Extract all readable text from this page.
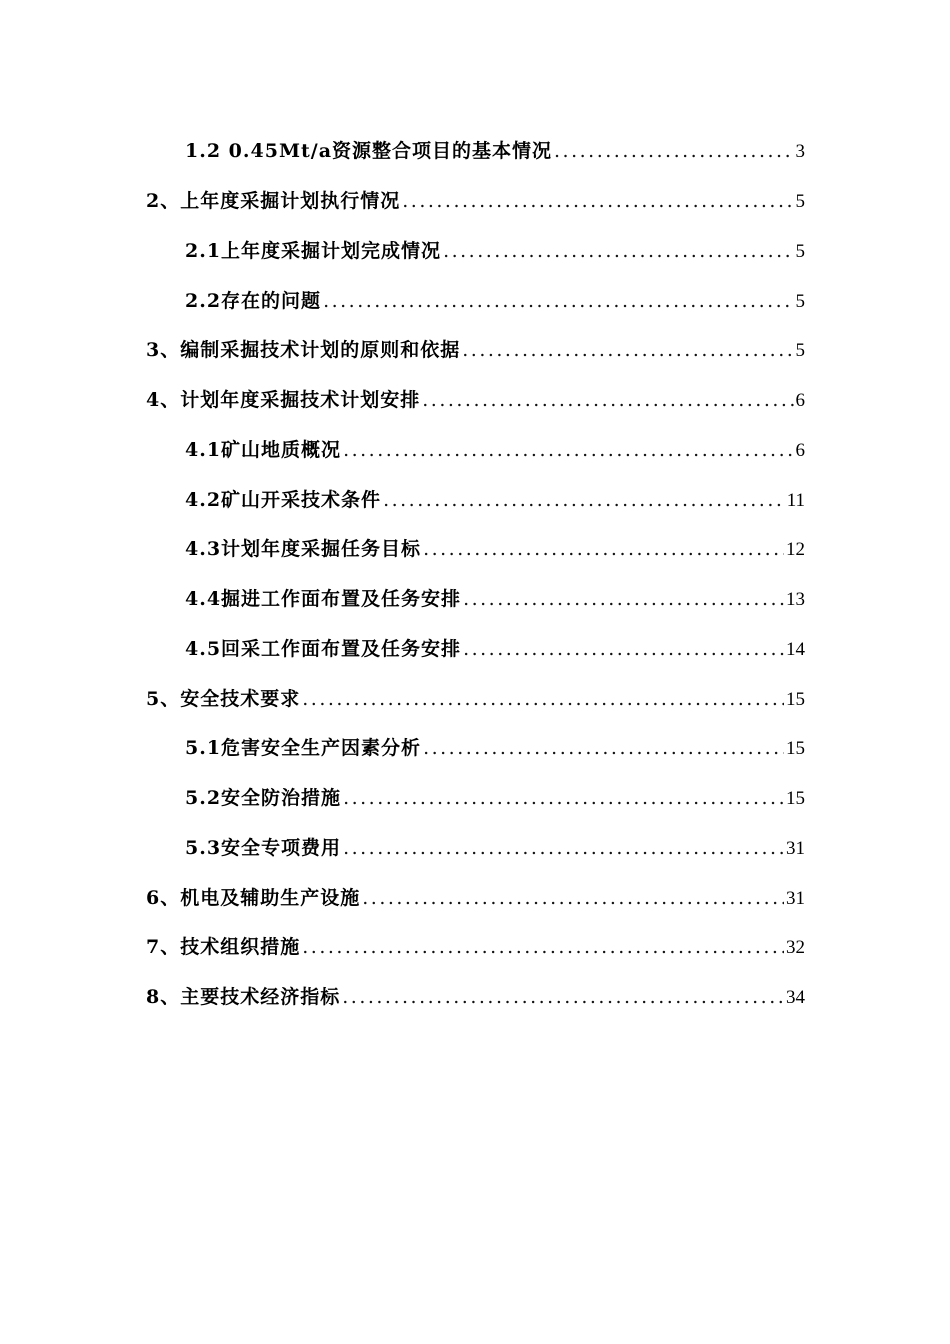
1.2 0.45Mt/a资源整合项目的基本情况 .....	3
2、上年度采掘计划执行情况 .....	5
2.1上年度采掘计划完成情况 .....	5
2.2存在的问题 .....	5
3、编制采掘技术计划的原则和依据 .....	5
4、计划年度采掘技术计划安排 .....	6
4.1矿山地质概况 .....	6
4.2矿山开采技术条件 .....	11
4.3计划年度采掘任务目标 .....	12
4.4掘进工作面布置及任务安排 .....	13
4.5回采工作面布置及任务安排 .....	14
5、安全技术要求 .....	15
5.1危害安全生产因素分析 .....	15
5.2安全防治措施 .....	15
5.3安全专项费用 .....	31
6、机电及辅助生产设施 .....	31
7、技术组织措施 .....	32
8、主要技术经济指标 .....	34
